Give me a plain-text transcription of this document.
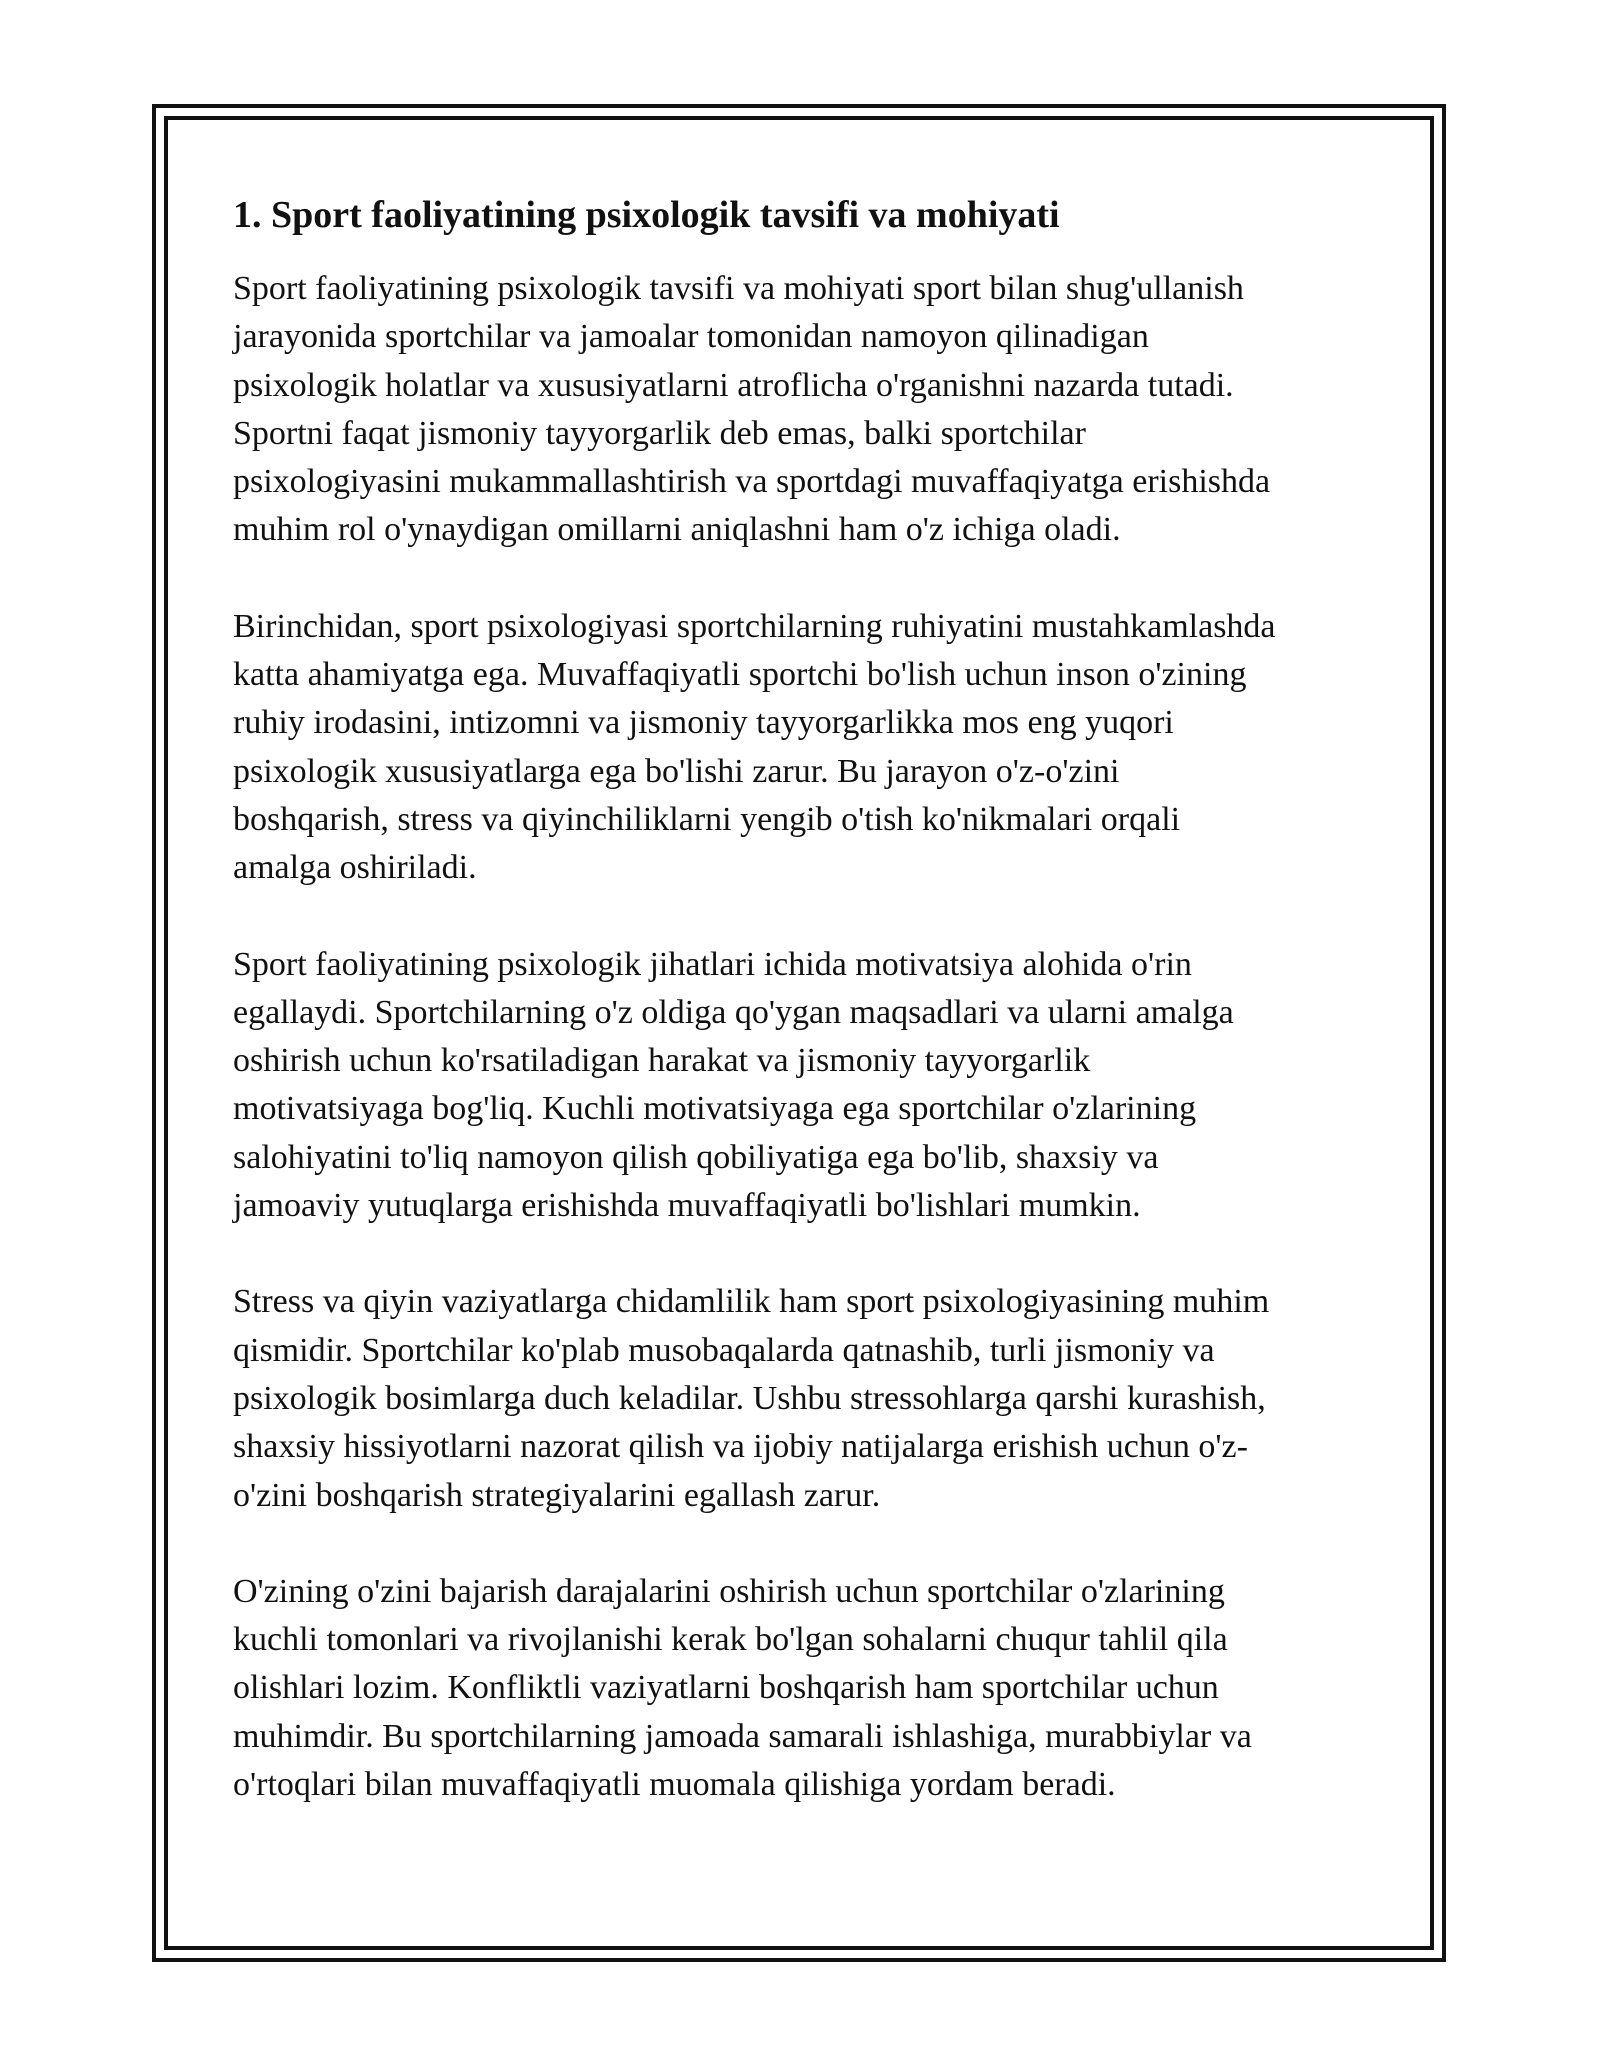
1. Sport faoliyatining psixologik tavsifi va mohiyati
Sport faoliyatining psixologik tavsifi va mohiyati sport bilan shug'ullanish
jarayonida sportchilar va jamoalar tomonidan namoyon qilinadigan
psixologik holatlar va xususiyatlarni atroflicha o'rganishni nazarda tutadi.
Sportni faqat jismoniy tayyorgarlik deb emas, balki sportchilar
psixologiyasini mukammallashtirish va sportdagi muvaffaqiyatga erishishda
muhim rol o'ynaydigan omillarni aniqlashni ham o'z ichiga oladi.
Birinchidan, sport psixologiyasi sportchilarning ruhiyatini mustahkamlashda
katta ahamiyatga ega. Muvaffaqiyatli sportchi bo'lish uchun inson o'zining
ruhiy irodasini, intizomni va jismoniy tayyorgarlikka mos eng yuqori
psixologik xususiyatlarga ega bo'lishi zarur. Bu jarayon o'z-o'zini
boshqarish, stress va qiyinchiliklarni yengib o'tish ko'nikmalari orqali
amalga oshiriladi.
Sport faoliyatining psixologik jihatlari ichida motivatsiya alohida o'rin
egallaydi. Sportchilarning o'z oldiga qo'ygan maqsadlari va ularni amalga
oshirish uchun ko'rsatiladigan harakat va jismoniy tayyorgarlik
motivatsiyaga bog'liq. Kuchli motivatsiyaga ega sportchilar o'zlarining
salohiyatini to'liq namoyon qilish qobiliyatiga ega bo'lib, shaxsiy va
jamoaviy yutuqlarga erishishda muvaffaqiyatli bo'lishlari mumkin.
Stress va qiyin vaziyatlarga chidamlilik ham sport psixologiyasining muhim
qismidir. Sportchilar ko'plab musobaqalarda qatnashib, turli jismoniy va
psixologik bosimlarga duch keladilar. Ushbu stressohlarga qarshi kurashish,
shaxsiy hissiyotlarni nazorat qilish va ijobiy natijalarga erishish uchun o'z-
o'zini boshqarish strategiyalarini egallash zarur.
O'zining o'zini bajarish darajalarini oshirish uchun sportchilar o'zlarining
kuchli tomonlari va rivojlanishi kerak bo'lgan sohalarni chuqur tahlil qila
olishlari lozim. Konfliktli vaziyatlarni boshqarish ham sportchilar uchun
muhimdir. Bu sportchilarning jamoada samarali ishlashiga, murabbiylar va
o'rtoqlari bilan muvaffaqiyatli muomala qilishiga yordam beradi.
